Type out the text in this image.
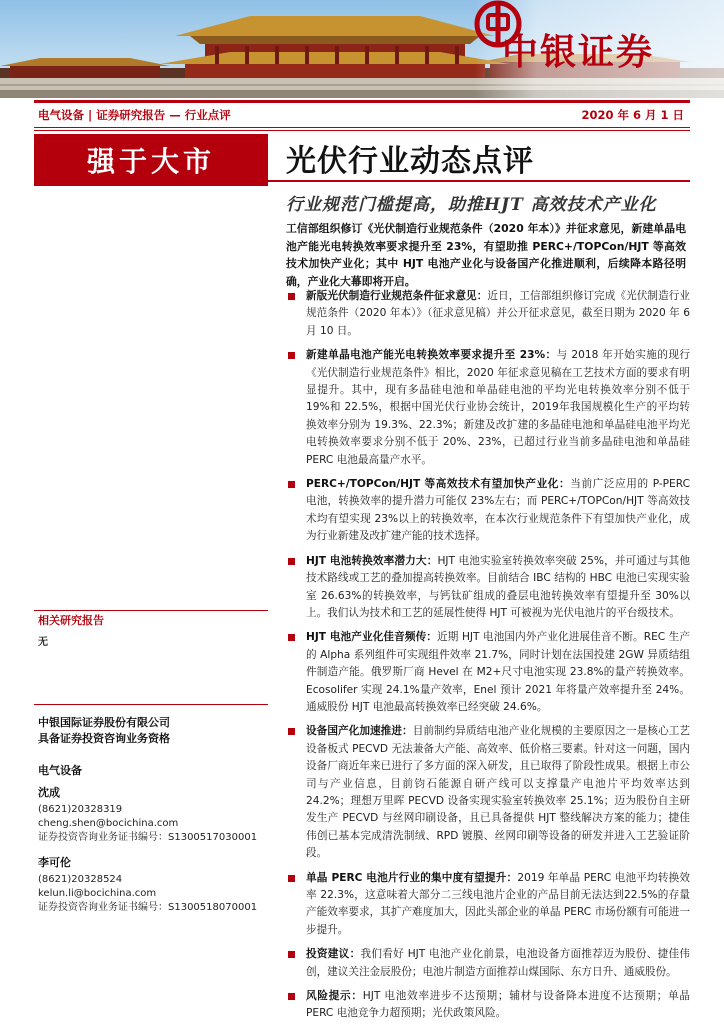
中银证券
电气设备 | 证券研究报告 — 行业点评	2020 年 6 月 1 日
强于大市	光伏行业动态点评
行业规范门槛提高，助推HJT 高效技术产业化
工信部组织修订《光伏制造行业规范条件（2020 年本）》并征求意见，新建单晶电池产能光电转换效率要求提升至 23%，有望助推 PERC+/TOPCon/HJT 等高效技术加快产业化；其中 HJT 电池产业化与设备国产化推进顺利，后续降本路径明确，产业化大幕即将开启。
新版光伏制造行业规范条件征求意见：近日，工信部组织修订完成《光伏制造行业规范条件（2020 年本）》（征求意见稿）并公开征求意见，截至日期为 2020 年 6 月 10 日。
新建单晶电池产能光电转换效率要求提升至 23%：与 2018 年开始实施的现行《光伏制造行业规范条件》相比，2020 年征求意见稿在工艺技术方面的要求有明显提升。其中，现有多晶硅电池和单晶硅电池的平均光电转换效率分别不低于 19%和 22.5%，根据中国光伏行业协会统计，2019年我国规模化生产的平均转换效率分别为 19.3%、22.3%；新建及改扩建的多晶硅电池和单晶硅电池平均光电转换效率要求分别不低于 20%、23%，已超过行业当前多晶硅电池和单晶硅 PERC 电池最高量产水平。
PERC+/TOPCon/HJT 等高效技术有望加快产业化：当前广泛应用的 P-PERC 电池，转换效率的提升潜力可能仅 23%左右；而 PERC+/TOPCon/HJT 等高效技术均有望实现 23%以上的转换效率，在本次行业规范条件下有望加快产业化，成为行业新建及改扩建产能的技术选择。
HJT 电池转换效率潜力大：HJT 电池实验室转换效率突破 25%，并可通过与其他技术路线或工艺的叠加提高转换效率。目前结合 IBC 结构的 HBC 电池已实现实验室 26.63%的转换效率，与钙钛矿组成的叠层电池转换效率有望提升至 30%以上。我们认为技术和工艺的延展性使得 HJT 可被视为光伏电池片的平台级技术。
HJT 电池产业化佳音频传：近期 HJT 电池国内外产业化进展佳音不断。REC 生产的 Alpha 系列组件可实现组件效率 21.7%，同时计划在法国投建 2GW 异质结组件制造产能。俄罗斯厂商 Hevel 在 M2+尺寸电池实现 23.8%的量产转换效率。Ecosolifer 实现 24.1%量产效率，Enel 预计 2021 年将量产效率提升至 24%。通威股份 HJT 电池最高转换效率已经突破 24.6%。
设备国产化加速推进：目前制约异质结电池产业化规模的主要原因之一是核心工艺设备板式 PECVD 无法兼备大产能、高效率、低价格三要素。针对这一问题，国内设备厂商近年来已进行了多方面的深入研发，且已取得了阶段性成果。根据上市公司与产业信息，目前钧石能源自研产线可以支撑量产电池片平均效率达到 24.2%；理想万里晖 PECVD 设备实现实验室转换效率 25.1%；迈为股份自主研发生产 PECVD 与丝网印刷设备，且已具备提供 HJT 整线解决方案的能力；捷佳伟创已基本完成清洗制绒、RPD 镀膜、丝网印刷等设备的研发并进入工艺验证阶段。
单晶 PERC 电池片行业的集中度有望提升：2019 年单晶 PERC 电池平均转换效率 22.3%，这意味着大部分二三线电池片企业的产品目前无法达到22.5%的存量产能效率要求，其扩产难度加大，因此头部企业的单晶 PERC 市场份额有可能进一步提升。
投资建议：我们看好 HJT 电池产业化前景，电池设备方面推荐迈为股份、捷佳伟创，建议关注金辰股份；电池片制造方面推荐山煤国际、东方日升、通威股份。
风险提示：HJT 电池效率进步不达预期；辅材与设备降本进度不达预期；单晶 PERC 电池竞争力超预期；光伏政策风险。
相关研究报告
无
中银国际证券股份有限公司
具备证券投资咨询业务资格
电气设备
沈成
(8621)20328319
cheng.shen@bocichina.com
证券投资咨询业务证书编号：S1300517030001
李可伦
(8621)20328524
kelun.li@bocichina.com
证券投资咨询业务证书编号：S1300518070001
